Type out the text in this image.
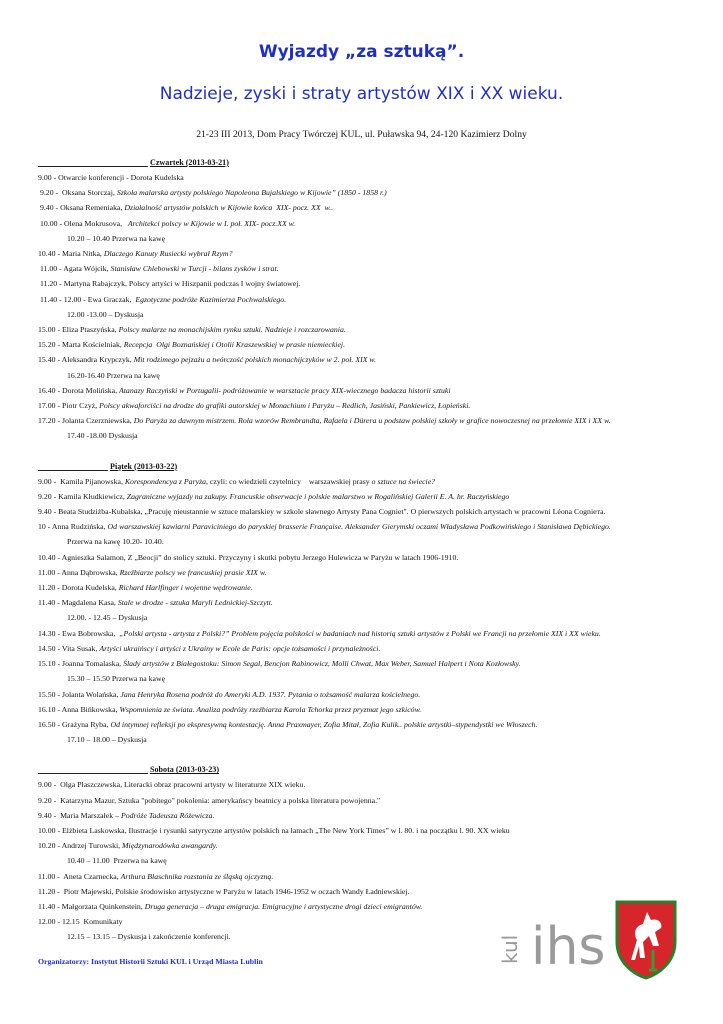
Wyjazdy „za sztuką”.
Nadzieje, zyski i straty artystów XIX i XX wieku.
21-23 III 2013, Dom Pracy Twórczej KUL, ul. Puławska 94, 24-120 Kazimierz Dolny
Czwartek (2013-03-21)
9.00 - Otwarcie konferencji - Dorota Kudelska
9.20 -  Oksana Storczaj, Szkoła malarska artysty polskiego Napoleona Bujalskiego w Kijowie” (1850 - 1858 r.)
9.40 - Oksana Remeniaka, Działalność artystów polskich w Kijowie końca  XIX- pocz. XX  w..
10.00 - Olena Mokrusova,   Architekci polscy w Kijowie w I. poł. XIX- pocz.XX w.
10.20 – 10.40 Przerwa na kawę
10.40 - Maria Nitka, Dlaczego Kanuty Rusiecki wybrał Rzym?
11.00 - Agata Wójcik, Stanisław Chlebowski w Turcji - bilans zysków i strat.
11.20 - Martyna Rabajczyk, Polscy artyści w Hiszpanii podczas I wojny światowej.
11.40 - 12.00 - Ewa Graczak,  Egzotyczne podróże Kazimierza Pochwalskiego.
12.00 -13.00 – Dyskusja
15.00 - Eliza Ptaszyńska, Polscy malarze na monachijskim rynku sztuki. Nadzieje i rozczarowania.
15.20 - Marta Kościelniak, Recepcja  Olgi Boznańskiej i Otolii Kraszewskiej w prasie niemieckiej.
15.40 - Aleksandra Krypczyk, Mit rodzimego pejzażu a twórczość polskich monachijczyków w 2. poł. XIX w.
16.20-16.40 Przerwa na kawę
16.40 - Dorota Molińska, Atanazy Raczyński w Portugalii- podróżowanie w warsztacie pracy XIX-wiecznego badacza historii sztuki
17.00 - Piotr Czyż, Polscy akwaforciści na drodze do grafiki autorskiej w Monachium i Paryżu – Redlich, Jasiński, Pankiewicz, Łopieński.
17.20 - Jolanta Czerzniewska, Do Paryża za dawnym mistrzem. Rola wzorów Rembrandta, Rafaela i Dürera u podstaw polskiej szkoły w grafice nowoczesnej na przełomie XIX i XX w.
17.40 -18.00 Dyskusja
Piątek (2013-03-22)
9.00 -  Kamila Pijanowska, Korespondencya z Paryża, czyli: co wiedzieli czytelnicy    warszawskiej prasy o sztuce na świecie?
9.20 - Kamila Kłudkiewicz, Zagraniczne wyjazdy na zakupy. Francuskie obserwacje i polskie malarstwo w Rogalińskiej Galerii E. A. hr. Raczyńskiego
9.40 - Beata Studziżba-Kubalska, „Pracuję nieustannie w sztuce malarskiey w szkole sławnego Artysty Pana Cogniet". O pierwszych polskich artystach w pracowni Léona Cogniета.
10 - Anna Rudzińska, Od warszawskiej kawiarni Paraviciniego do paryskiej brasserie Française. Aleksander Gierymski oczami Władysława Podkowińskiego i Stanisława Dębickiego.
Przerwa na kawę 10.20- 10.40.
10.40 - Agnieszka Salamon, Z „Beocji” do stolicy sztuki. Przyczyny i skutki pobytu Jerzego Hulewicza w Paryżu w latach 1906-1910.
11.00 - Anna Dąbrowska, Rzeźbiarze polscy we francuskiej prasie XIX w.
11.20 - Dorota Kudelska, Richard Harlfinger i wojenne wędrowanie.
11.40 - Magdalena Kasa, Stale w drodze - sztuka Maryli Lednickiej-Szczytt.
12.00. - 12.45 – Dyskusja
14.30 - Ewa Bobrowska,  „Polski artysta - artysta z Polski?” Problem pojęcia polskości w badaniach nad historią sztuki artystów z Polski we Francji na przełomie XIX i XX wieku.
14.50 - Vita Susak, Artyści ukraińscy i artyści z Ukrainy w Ecole de Paris: opcje tożsamości i przynależności.
15.10 - Joanna Tomalaska, Ślady artystów z Białegostoku: Simon Segal, Bencjon Rabinowicz, Molli Chwat, Max Weber, Samuel Halpert i Nota Kozłowsky.
15.30 – 15.50 Przerwa na kawę
15.50 - Jolanta Wolańska, Jana Henryka Rosena podróż do Ameryki A.D. 1937. Pytania o tożsamość malarza kościelnego.
16.10 - Anna Bińkowska, Wspomnienia ze świata. Analiza podróży rzeźbiarza Karola Tchorka przez pryzmat jego szkiców.
16.50 - Grażyna Ryba, Od intymnej refleksji po ekspresywną kontestację. Anna Praxmayer, Zofia Mitał, Zofia Kulik.. polskie artystki–stypendystki we Włoszech.
17.10 – 18.00 – Dyskusja
Sobota (2013-03-23)
9.00 -  Olga Płaszczewska, Literacki obraz pracowni artysty w literaturze XIX wieku.
9.20 -  Katarzyna Mazur, Sztuka "pobitego" pokolenia: amerykańscy beatnicy a polska literatura powojenna."
9.40 -  Maria Marszałek – Podróże Tadeusza Różewicza.
10.00 - Elżbieta Laskowska, Ilustracje i rysunki satyryczne artystów polskich na łamach „The New York Times” w l. 80. i na początku l. 90. XX wieku
10.20 - Andrzej Turowski, Międzynarodówka awangardy.
10.40 – 11.00  Przerwa na kawę
11.00 -  Aneta Czarnecka, Arthura Blaschnika rozstania ze śląską ojczyzną.
11.20 -  Piotr Majewski, Polskie środowisko artystyczne w Paryżu w latach 1946-1952 w oczach Wandy Ładniewskiej.
11.40 - Małgorzata Quinkenstein, Druga generacja – druga emigracja. Emigracyjne i artystyczne drogi dzieci emigrantów.
12.00 - 12.15  Komunikaty
12.15 – 13.15 – Dyskusja i zakończenie konferencji.
Organizatorzy: Instytut Historii Sztuki KUL i Urząd Miasta Lublin	kul ihs
